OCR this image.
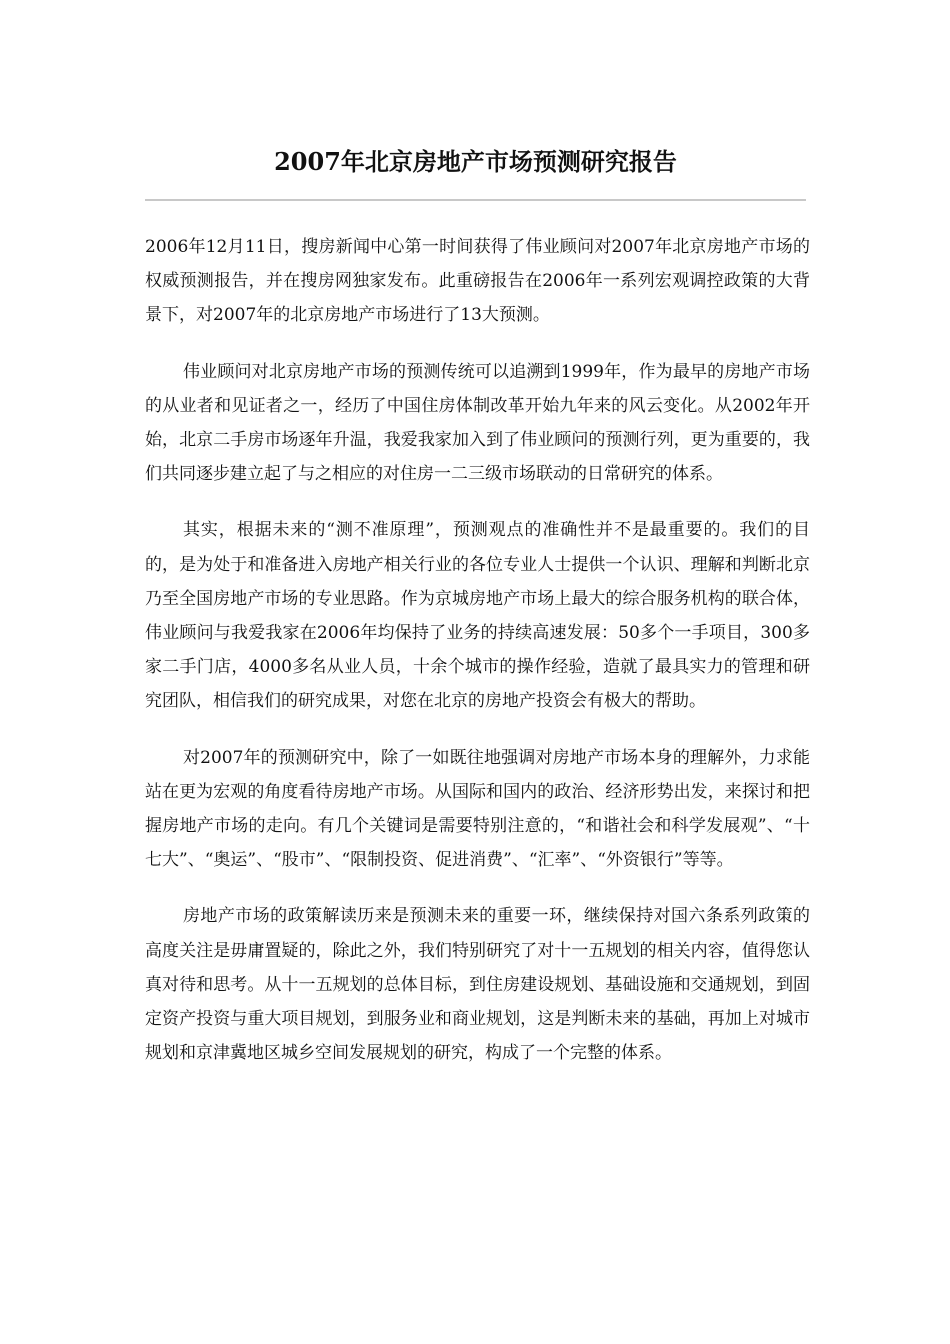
2007年北京房地产市场预测研究报告

2006年12月11日，搜房新闻中心第一时间获得了伟业顾问对2007年北京房地产市场的权威预测报告，并在搜房网独家发布。此重磅报告在2006年一系列宏观调控政策的大背景下，对2007年的北京房地产市场进行了13大预测。

伟业顾问对北京房地产市场的预测传统可以追溯到1999年，作为最早的房地产市场的从业者和见证者之一，经历了中国住房体制改革开始九年来的风云变化。从2002年开始，北京二手房市场逐年升温，我爱我家加入到了伟业顾问的预测行列，更为重要的，我们共同逐步建立起了与之相应的对住房一二三级市场联动的日常研究的体系。

其实，根据未来的“测不准原理”，预测观点的准确性并不是最重要的。我们的目的，是为处于和准备进入房地产相关行业的各位专业人士提供一个认识、理解和判断北京乃至全国房地产市场的专业思路。作为京城房地产市场上最大的综合服务机构的联合体，伟业顾问与我爱我家在2006年均保持了业务的持续高速发展：50多个一手项目，300多家二手门店，4000多名从业人员，十余个城市的操作经验，造就了最具实力的管理和研究团队，相信我们的研究成果，对您在北京的房地产投资会有极大的帮助。

对2007年的预测研究中，除了一如既往地强调对房地产市场本身的理解外，力求能站在更为宏观的角度看待房地产市场。从国际和国内的政治、经济形势出发，来探讨和把握房地产市场的走向。有几个关键词是需要特别注意的，“和谐社会和科学发展观”、“十七大”、“奥运”、“股市”、“限制投资、促进消费”、“汇率”、“外资银行”等等。

房地产市场的政策解读历来是预测未来的重要一环，继续保持对国六条系列政策的高度关注是毋庸置疑的，除此之外，我们特别研究了对十一五规划的相关内容，值得您认真对待和思考。从十一五规划的总体目标，到住房建设规划、基础设施和交通规划，到固定资产投资与重大项目规划，到服务业和商业规划，这是判断未来的基础，再加上对城市规划和京津冀地区城乡空间发展规划的研究，构成了一个完整的体系。
